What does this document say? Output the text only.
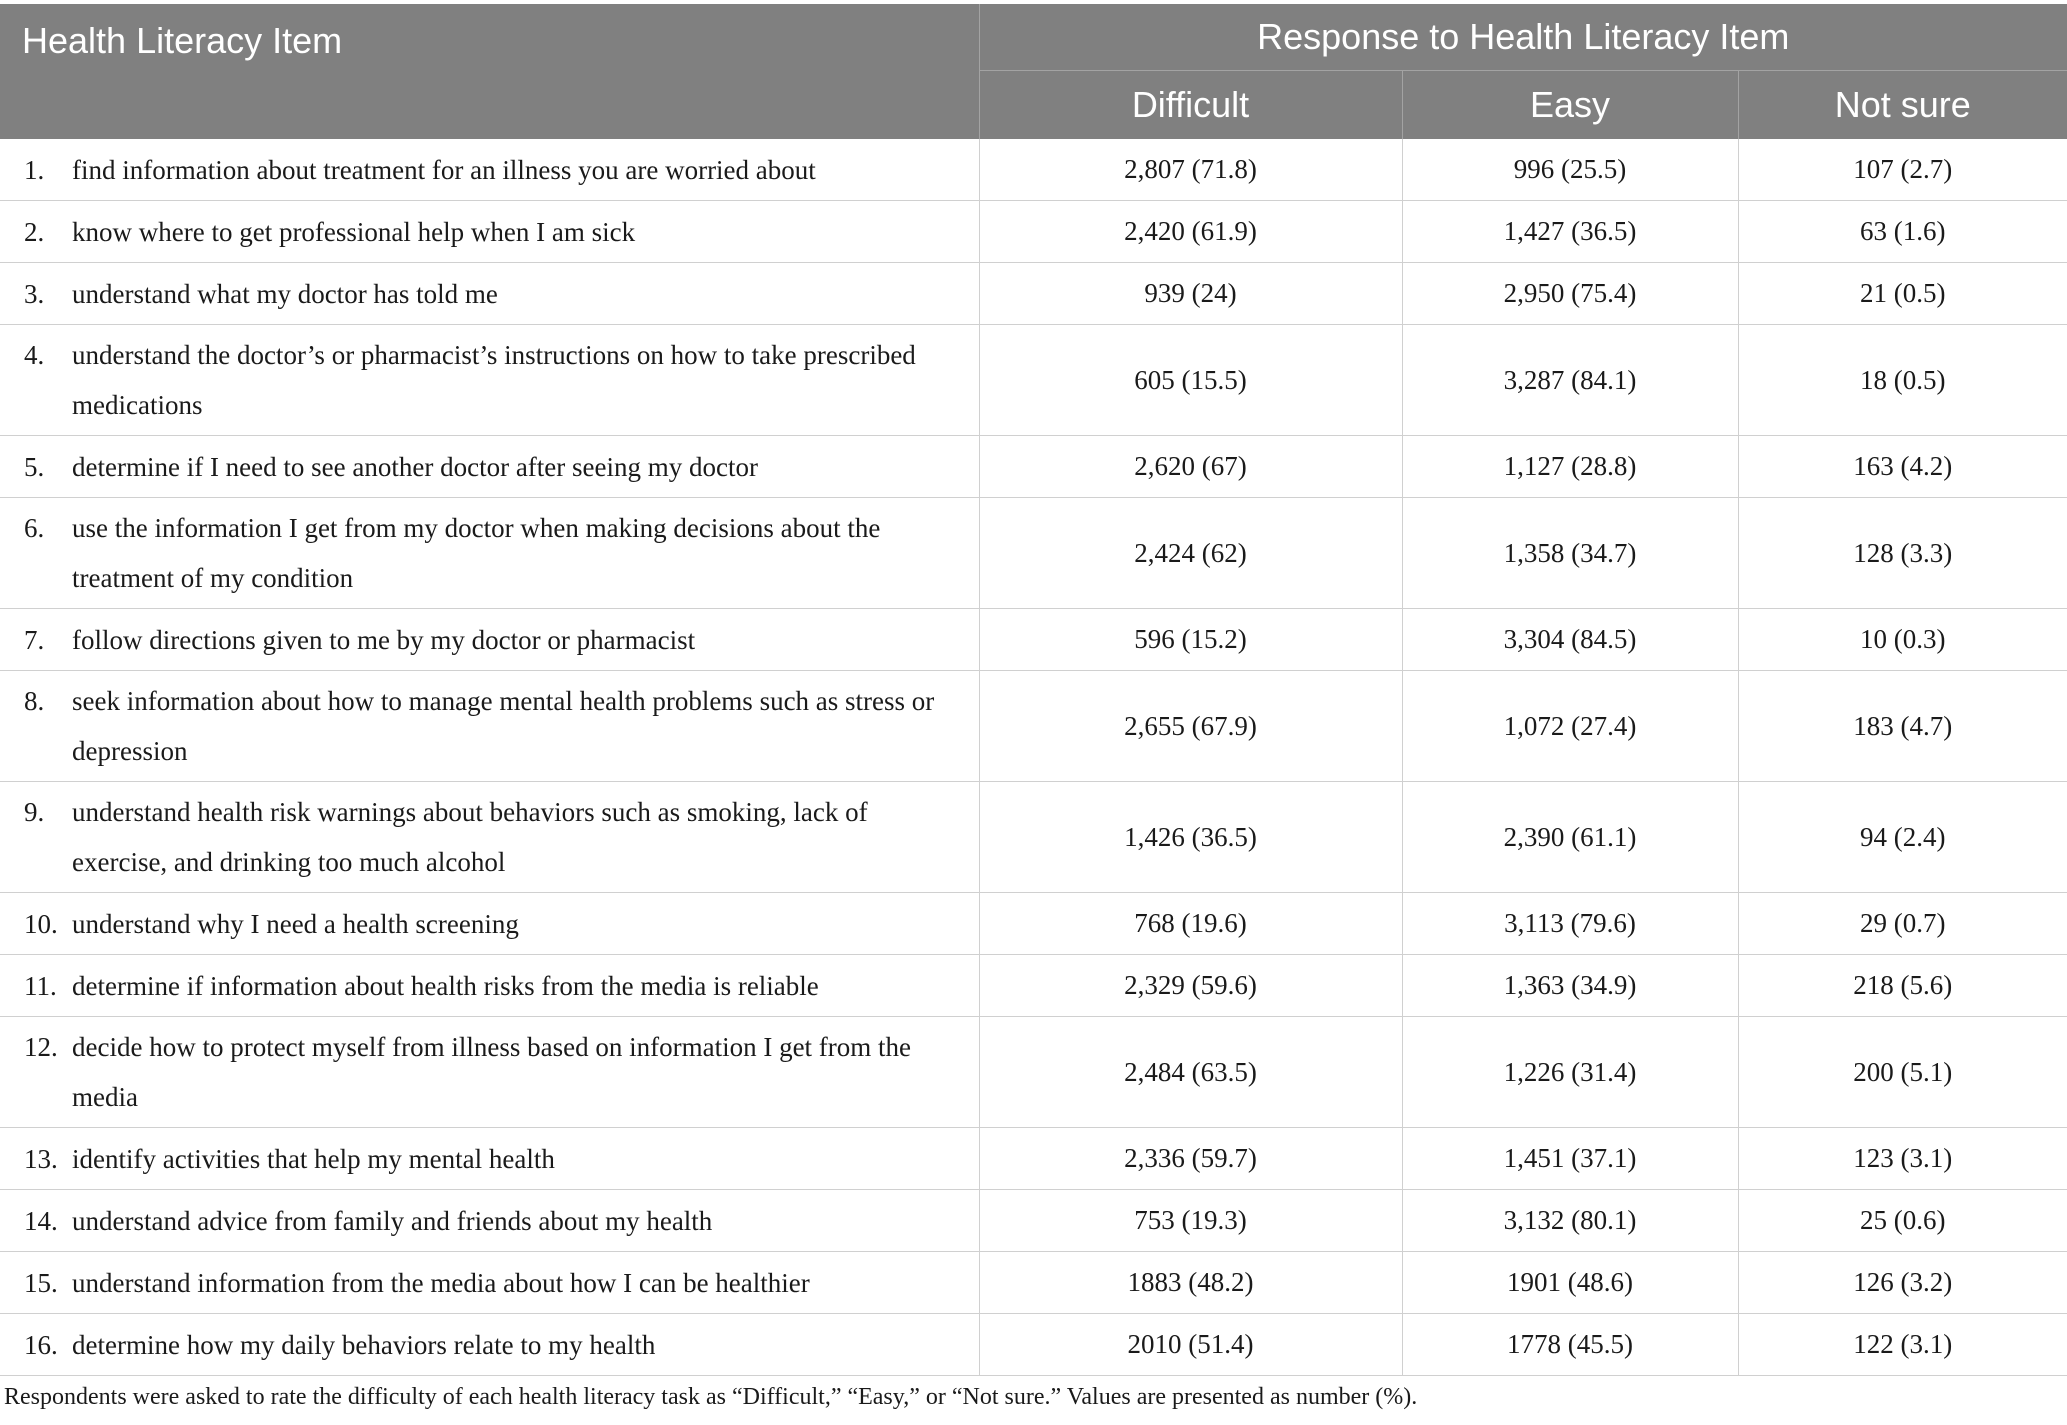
Health Literacy Item	Response to Health Literacy Item		
	Difficult	Easy	Not sure

1. find information about treatment for an illness you are worried about	2,807 (71.8)	996 (25.5)	107 (2.7)

2. know where to get professional help when I am sick	2,420 (61.9)	1,427 (36.5)	63 (1.6)

3. understand what my doctor has told me	939 (24)	2,950 (75.4)	21 (0.5)

4. understand the doctor’s or pharmacist’s instructions on how to take prescribed medications	605 (15.5)	3,287 (84.1)	18 (0.5)

5. determine if I need to see another doctor after seeing my doctor	2,620 (67)	1,127 (28.8)	163 (4.2)

6. use the information I get from my doctor when making decisions about the treatment of my condition	2,424 (62)	1,358 (34.7)	128 (3.3)

7. follow directions given to me by my doctor or pharmacist	596 (15.2)	3,304 (84.5)	10 (0.3)

8. seek information about how to manage mental health problems such as stress or depression	2,655 (67.9)	1,072 (27.4)	183 (4.7)

9. understand health risk warnings about behaviors such as smoking, lack of exercise, and drinking too much alcohol	1,426 (36.5)	2,390 (61.1)	94 (2.4)

10. understand why I need a health screening	768 (19.6)	3,113 (79.6)	29 (0.7)

11. determine if information about health risks from the media is reliable	2,329 (59.6)	1,363 (34.9)	218 (5.6)

12. decide how to protect myself from illness based on information I get from the media	2,484 (63.5)	1,226 (31.4)	200 (5.1)

13. identify activities that help my mental health	2,336 (59.7)	1,451 (37.1)	123 (3.1)

14. understand advice from family and friends about my health	753 (19.3)	3,132 (80.1)	25 (0.6)

15. understand information from the media about how I can be healthier	1883 (48.2)	1901 (48.6)	126 (3.2)

16. determine how my daily behaviors relate to my health	2010 (51.4)	1778 (45.5)	122 (3.1)
Respondents were asked to rate the difficulty of each health literacy task as “Difficult,” “Easy,” or “Not sure.” Values are presented as number (%).
